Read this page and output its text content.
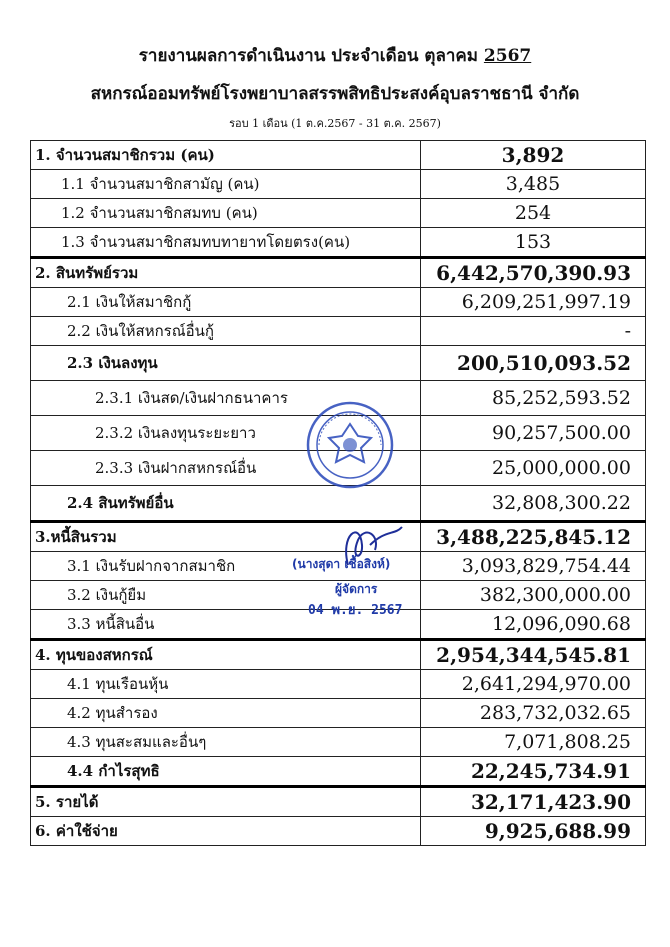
รายงานผลการดำเนินงาน ประจำเดือน ตุลาคม 2567
สหกรณ์ออมทรัพย์โรงพยาบาลสรรพสิทธิประสงค์อุบลราชธานี จำกัด
รอบ 1 เดือน (1 ต.ค.2567 - 31 ต.ค. 2567)
1. จำนวนสมาชิกรวม (คน)	3,892
1.1 จำนวนสมาชิกสามัญ (คน)	3,485
1.2 จำนวนสมาชิกสมทบ (คน)	254
1.3 จำนวนสมาชิกสมทบทายาทโดยตรง(คน)	153
2. สินทรัพย์รวม	6,442,570,390.93
2.1 เงินให้สมาชิกกู้	6,209,251,997.19
2.2 เงินให้สหกรณ์อื่นกู้	-
2.3 เงินลงทุน	200,510,093.52
2.3.1 เงินสด/เงินฝากธนาคาร	85,252,593.52
2.3.2 เงินลงทุนระยะยาว	90,257,500.00
2.3.3 เงินฝากสหกรณ์อื่น	25,000,000.00
2.4 สินทรัพย์อื่น	32,808,300.22
3.หนี้สินรวม	3,488,225,845.12
3.1 เงินรับฝากจากสมาชิก	3,093,829,754.44
3.2 เงินกู้ยืม	382,300,000.00
3.3 หนี้สินอื่น	12,096,090.68
4. ทุนของสหกรณ์	2,954,344,545.81
4.1 ทุนเรือนหุ้น	2,641,294,970.00
4.2 ทุนสำรอง	283,732,032.65
4.3 ทุนสะสมและอื่นๆ	7,071,808.25
4.4 กำไรสุทธิ	22,245,734.91
5. รายได้	32,171,423.90
6. ค่าใช้จ่าย	9,925,688.99
(นางสุดา เชื้อสิงห์)
ผู้จัดการ
04 พ.ย. 2567
